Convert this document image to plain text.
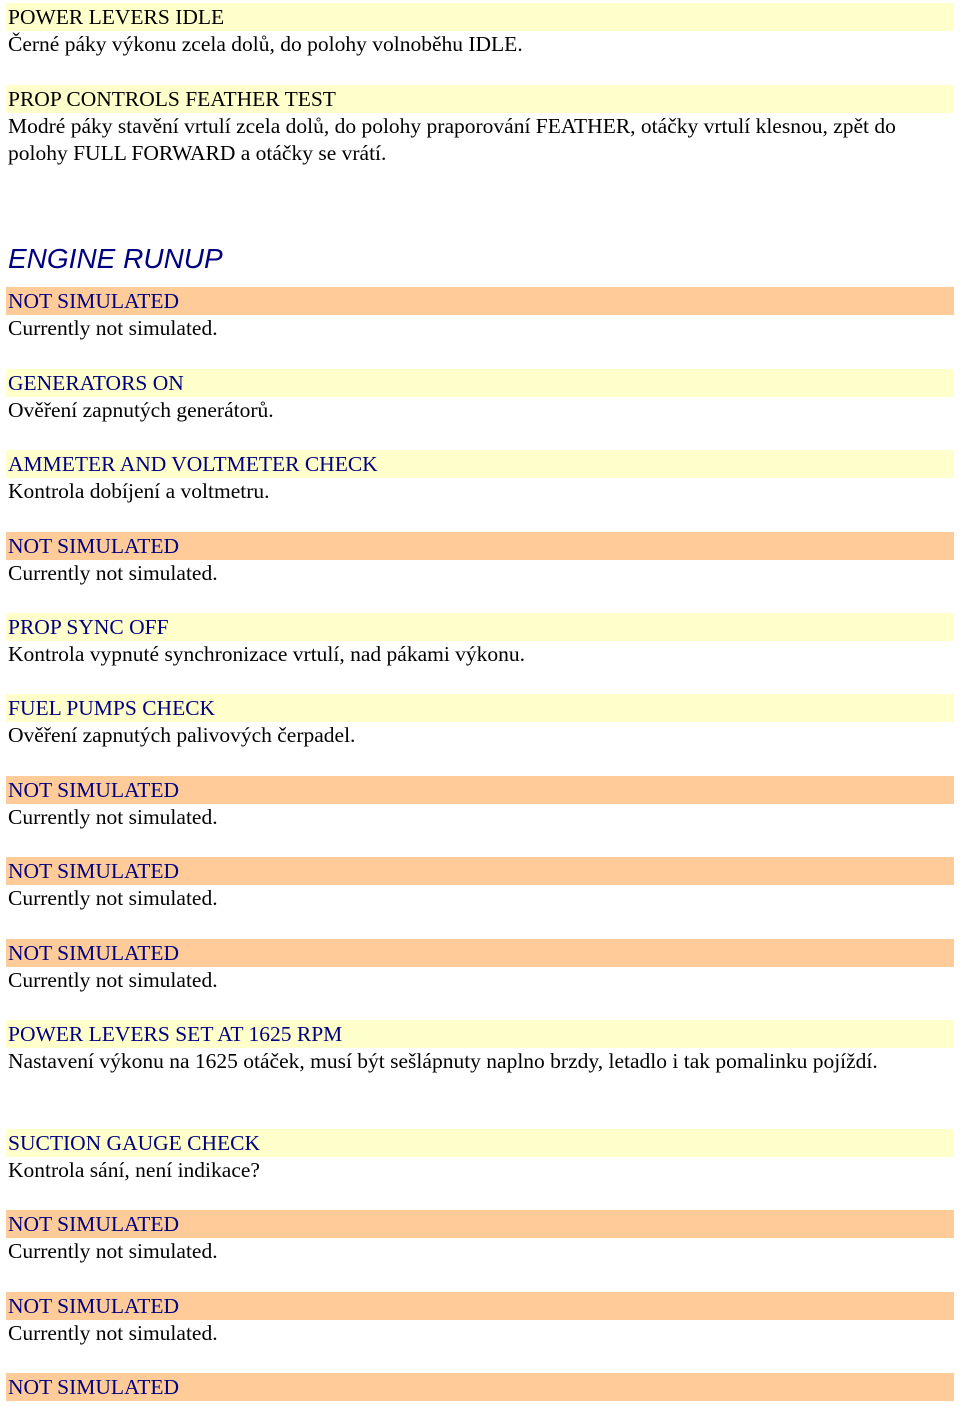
POWER LEVERS IDLE
Černé páky výkonu zcela dolů, do polohy volnoběhu IDLE.
PROP CONTROLS FEATHER TEST
Modré páky stavění vrtulí zcela dolů, do polohy praporování FEATHER, otáčky vrtulí klesnou, zpět do polohy FULL FORWARD a otáčky se vrátí.
ENGINE RUNUP
NOT SIMULATED
Currently not simulated.
GENERATORS ON
Ověření zapnutých generátorů.
AMMETER AND VOLTMETER CHECK
Kontrola dobíjení a voltmetru.
NOT SIMULATED
Currently not simulated.
PROP SYNC OFF
Kontrola vypnuté synchronizace vrtulí, nad pákami výkonu.
FUEL PUMPS CHECK
Ověření zapnutých palivových čerpadel.
NOT SIMULATED
Currently not simulated.
NOT SIMULATED
Currently not simulated.
NOT SIMULATED
Currently not simulated.
POWER LEVERS SET AT 1625 RPM
Nastavení výkonu na 1625 otáček, musí být sešlápnuty naplno brzdy, letadlo i tak pomalinku pojíždí.
SUCTION GAUGE CHECK
Kontrola sání, není indikace?
NOT SIMULATED
Currently not simulated.
NOT SIMULATED
Currently not simulated.
NOT SIMULATED
